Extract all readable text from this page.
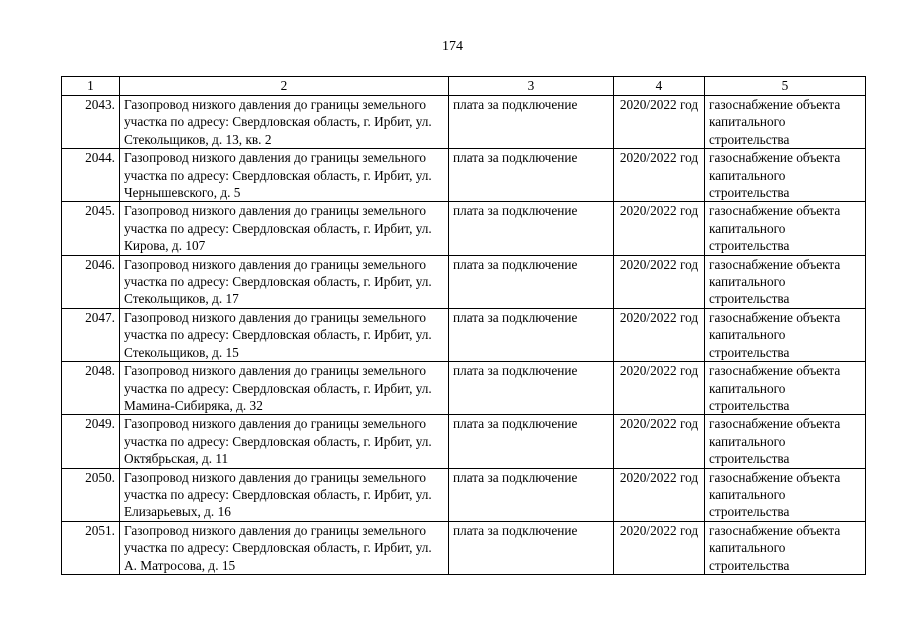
174
1	2	3	4	5
2043.	Газопровод низкого давления до границы земельного участка по адресу: Свердловская область, г. Ирбит, ул. Стекольщиков, д. 13, кв. 2	плата за подключение	2020/2022 год	газоснабжение объекта капитального строительства
2044.	Газопровод низкого давления до границы земельного участка по адресу: Свердловская область, г. Ирбит, ул. Чернышевского, д. 5	плата за подключение	2020/2022 год	газоснабжение объекта капитального строительства
2045.	Газопровод низкого давления до границы земельного участка по адресу: Свердловская область, г. Ирбит, ул. Кирова, д. 107	плата за подключение	2020/2022 год	газоснабжение объекта капитального строительства
2046.	Газопровод низкого давления до границы земельного участка по адресу: Свердловская область, г. Ирбит, ул. Стекольщиков, д. 17	плата за подключение	2020/2022 год	газоснабжение объекта капитального строительства
2047.	Газопровод низкого давления до границы земельного участка по адресу: Свердловская область, г. Ирбит, ул. Стекольщиков, д. 15	плата за подключение	2020/2022 год	газоснабжение объекта капитального строительства
2048.	Газопровод низкого давления до границы земельного участка по адресу: Свердловская область, г. Ирбит, ул. Мамина-Сибиряка, д. 32	плата за подключение	2020/2022 год	газоснабжение объекта капитального строительства
2049.	Газопровод низкого давления до границы земельного участка по адресу: Свердловская область, г. Ирбит, ул. Октябрьская, д. 11	плата за подключение	2020/2022 год	газоснабжение объекта капитального строительства
2050.	Газопровод низкого давления до границы земельного участка по адресу: Свердловская область, г. Ирбит, ул. Елизарьевых, д. 16	плата за подключение	2020/2022 год	газоснабжение объекта капитального строительства
2051.	Газопровод низкого давления до границы земельного участка по адресу: Свердловская область, г. Ирбит, ул. А. Матросова, д. 15	плата за подключение	2020/2022 год	газоснабжение объекта капитального строительства
